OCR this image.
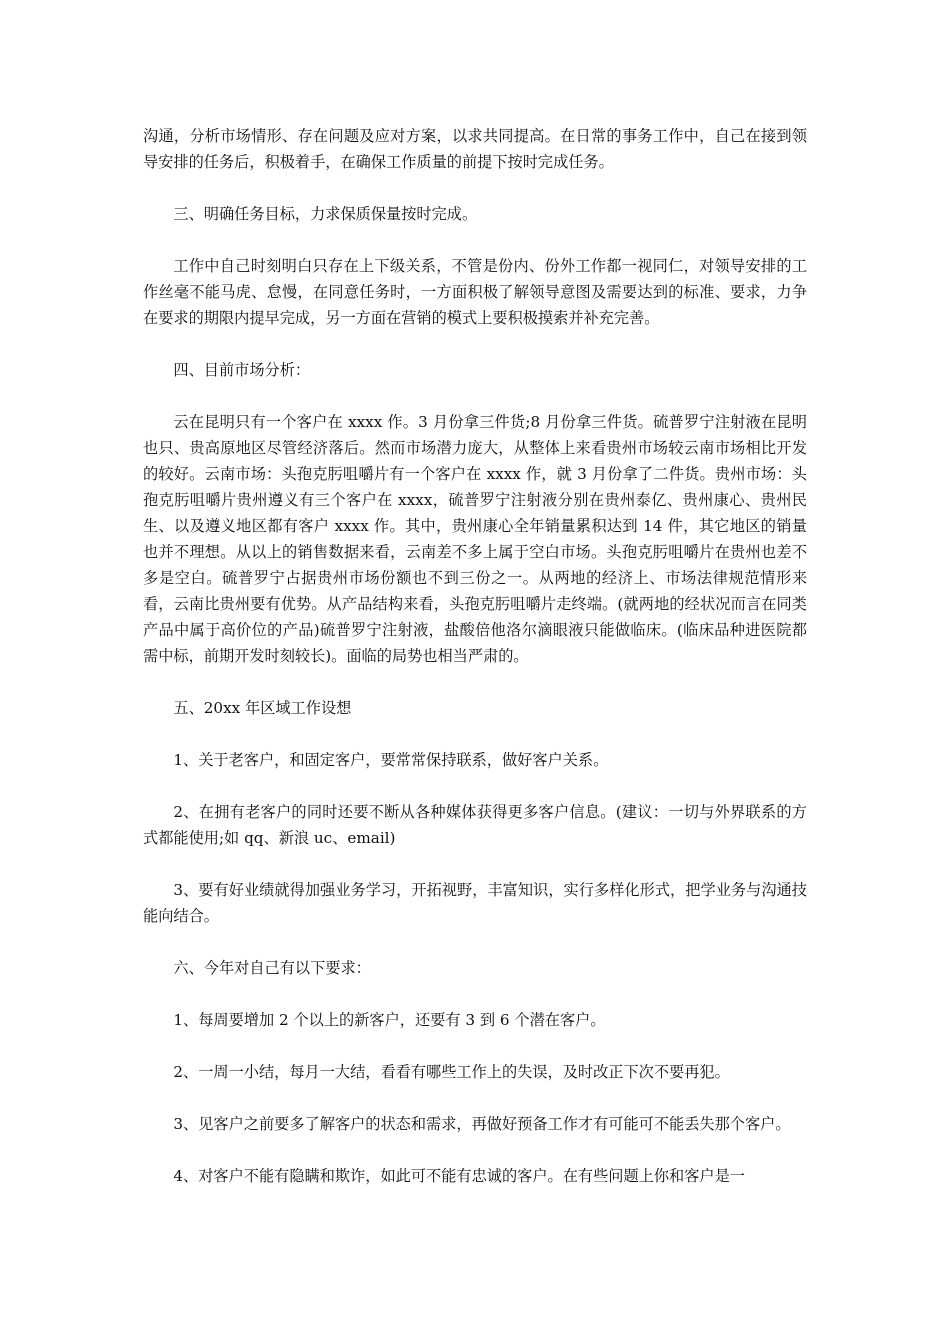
沟通，分析市场情形、存在问题及应对方案，以求共同提高。在日常的事务工作中，自己在接到领导安排的任务后，积极着手，在确保工作质量的前提下按时完成任务。

三、明确任务目标，力求保质保量按时完成。

工作中自己时刻明白只存在上下级关系，不管是份内、份外工作都一视同仁，对领导安排的工作丝毫不能马虎、怠慢，在同意任务时，一方面积极了解领导意图及需要达到的标准、要求，力争在要求的期限内提早完成，另一方面在营销的模式上要积极摸索并补充完善。

四、目前市场分析：

云在昆明只有一个客户在 xxxx 作。3 月份拿三件货;8 月份拿三件货。硫普罗宁注射液在昆明也只、贵高原地区尽管经济落后。然而市场潜力庞大，从整体上来看贵州市场较云南市场相比开发的较好。云南市场：头孢克肟咀嚼片有一个客户在 xxxx 作，就 3 月份拿了二件货。贵州市场：头孢克肟咀嚼片贵州遵义有三个客户在 xxxx，硫普罗宁注射液分别在贵州泰亿、贵州康心、贵州民生、以及遵义地区都有客户 xxxx 作。其中，贵州康心全年销量累积达到 14 件，其它地区的销量也并不理想。从以上的销售数据来看，云南差不多上属于空白市场。头孢克肟咀嚼片在贵州也差不多是空白。硫普罗宁占据贵州市场份额也不到三份之一。从两地的经济上、市场法律规范情形来看，云南比贵州要有优势。从产品结构来看，头孢克肟咀嚼片走终端。(就两地的经状况而言在同类产品中属于高价位的产品)硫普罗宁注射液，盐酸倍他洛尔滴眼液只能做临床。(临床品种进医院都需中标，前期开发时刻较长)。面临的局势也相当严肃的。

五、20xx 年区域工作设想

1、关于老客户，和固定客户，要常常保持联系，做好客户关系。

2、在拥有老客户的同时还要不断从各种媒体获得更多客户信息。(建议：一切与外界联系的方式都能使用;如 qq、新浪 uc、email)

3、要有好业绩就得加强业务学习，开拓视野，丰富知识，实行多样化形式，把学业务与沟通技能向结合。

六、今年对自己有以下要求：

1、每周要增加 2 个以上的新客户，还要有 3 到 6 个潜在客户。

2、一周一小结，每月一大结，看看有哪些工作上的失误，及时改正下次不要再犯。

3、见客户之前要多了解客户的状态和需求，再做好预备工作才有可能可不能丢失那个客户。

4、对客户不能有隐瞒和欺诈，如此可不能有忠诚的客户。在有些问题上你和客户是一
